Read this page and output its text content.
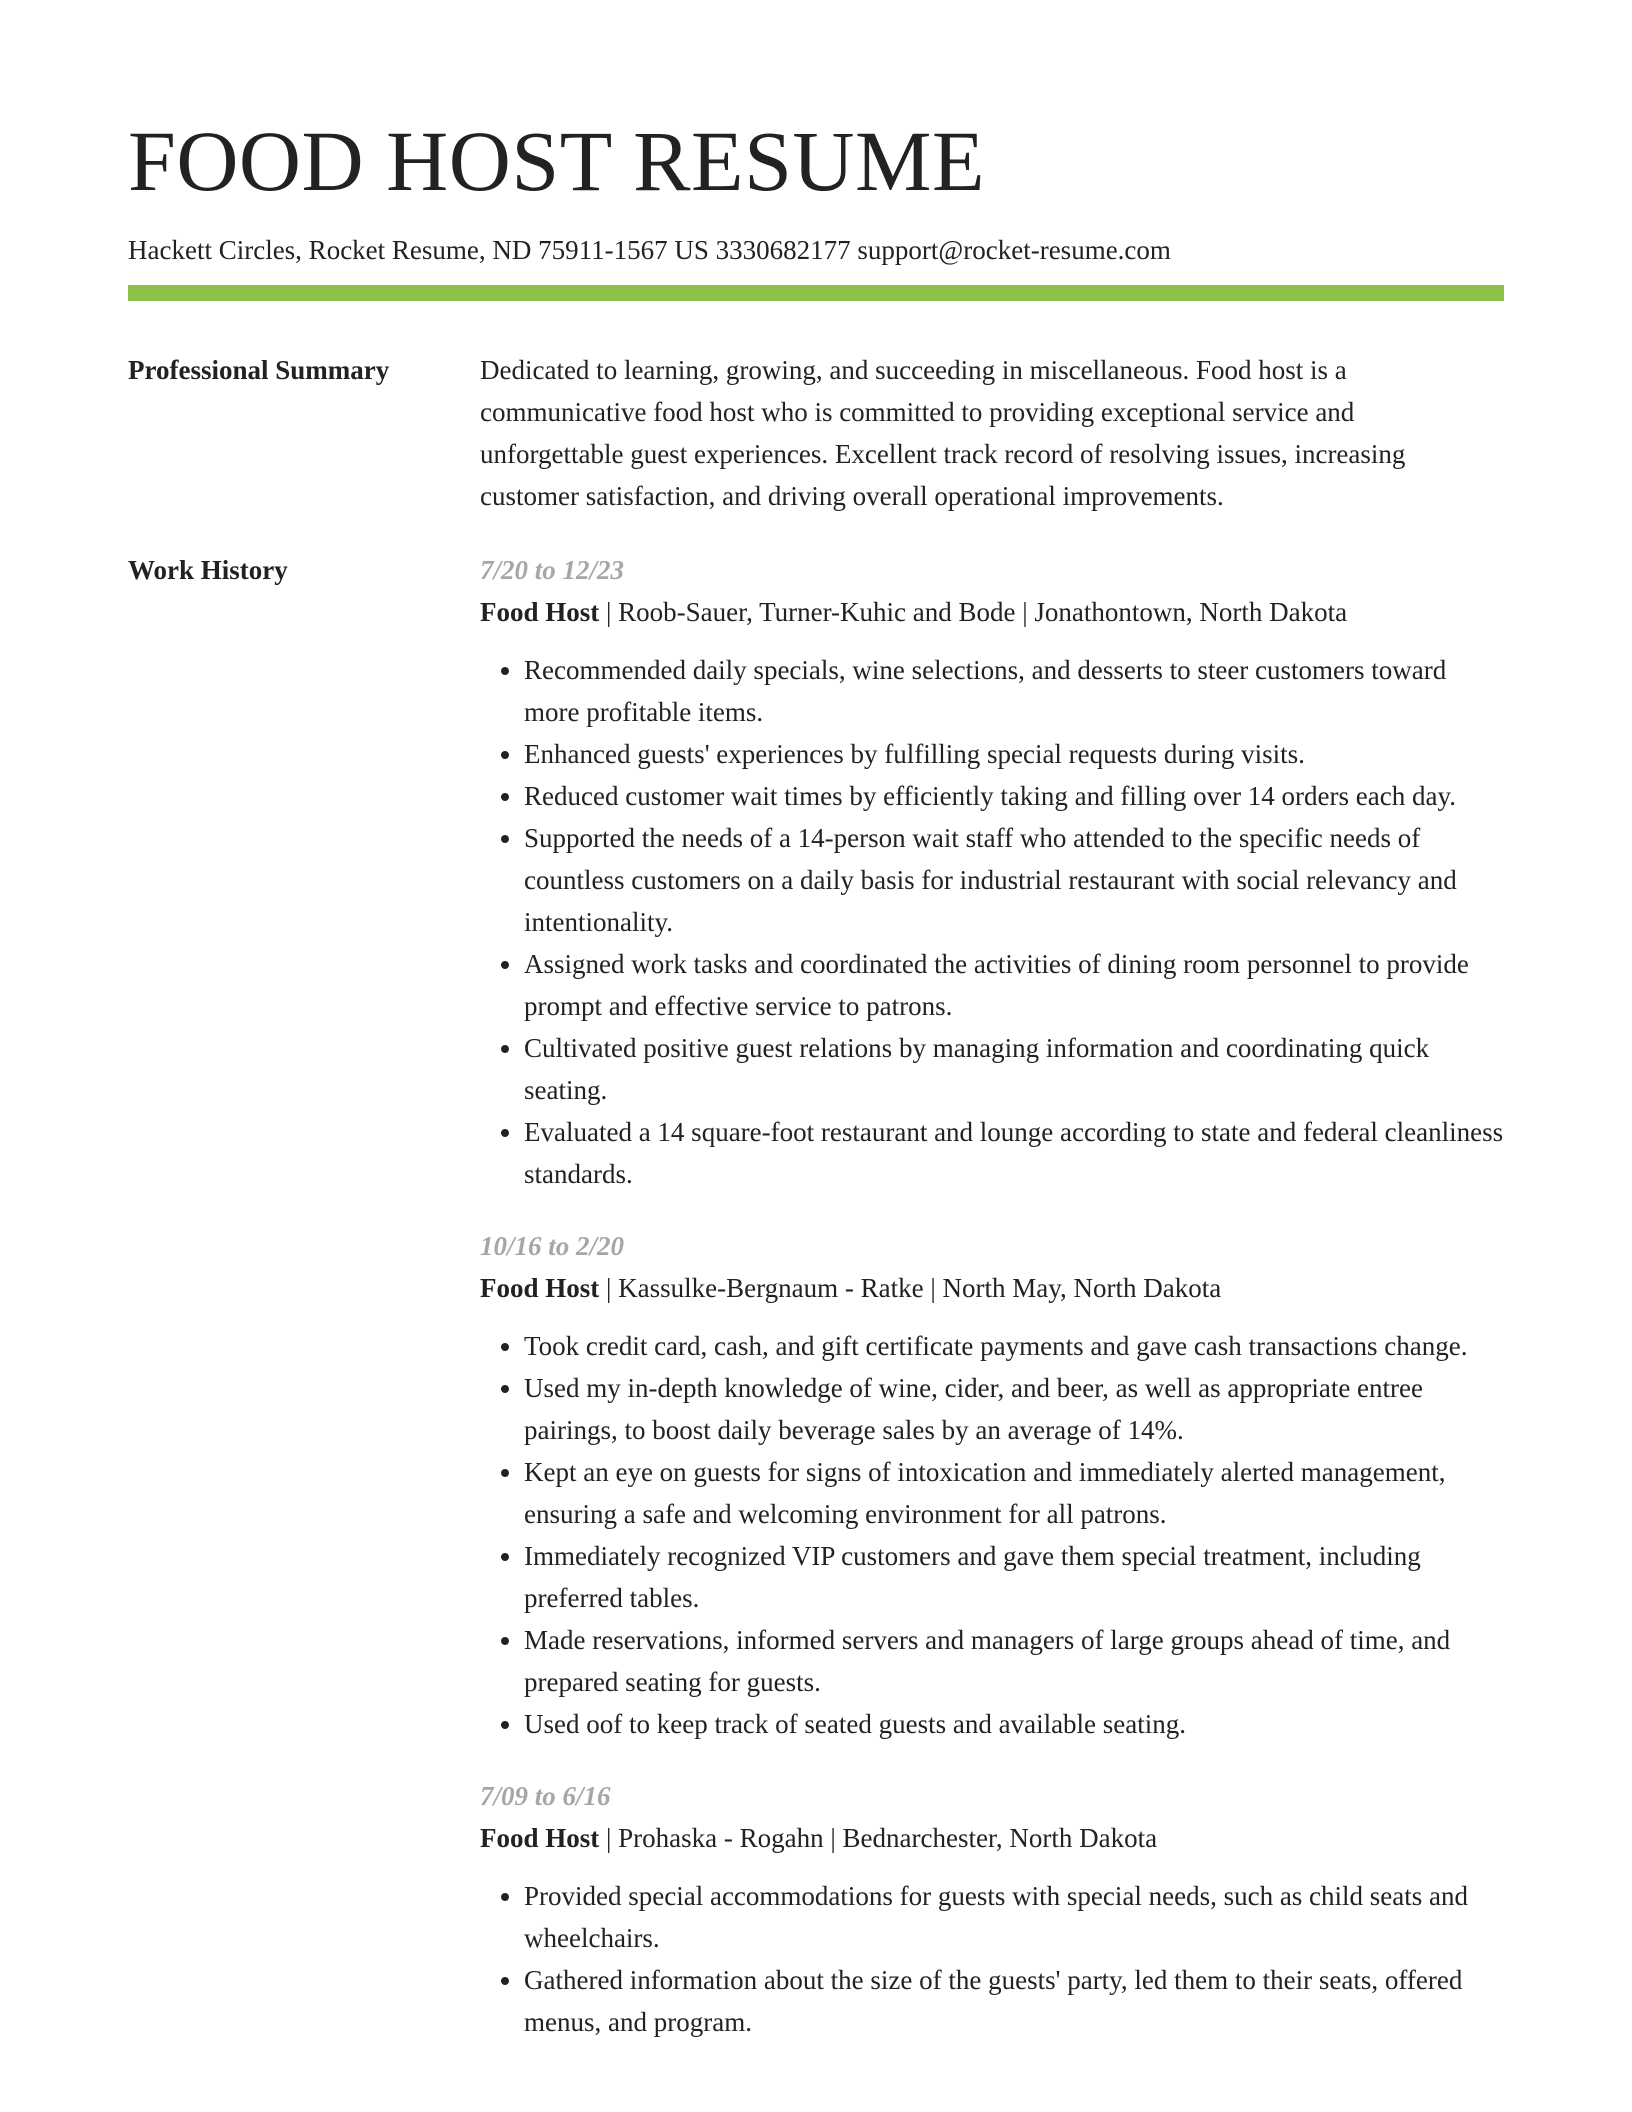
FOOD HOST RESUME
Hackett Circles, Rocket Resume, ND 75911-1567 US 3330682177 support@rocket-resume.com
Professional Summary	Dedicated to learning, growing, and succeeding in miscellaneous. Food host is a communicative food host who is committed to providing exceptional service and unforgettable guest experiences. Excellent track record of resolving issues, increasing customer satisfaction, and driving overall operational improvements.

Work History	7/20 to 12/23
Food Host | Roob-Sauer, Turner-Kuhic and Bode | Jonathontown, North Dakota
• Recommended daily specials, wine selections, and desserts to steer customers toward more profitable items.
• Enhanced guests' experiences by fulfilling special requests during visits.
• Reduced customer wait times by efficiently taking and filling over 14 orders each day.
• Supported the needs of a 14-person wait staff who attended to the specific needs of countless customers on a daily basis for industrial restaurant with social relevancy and intentionality.
• Assigned work tasks and coordinated the activities of dining room personnel to provide prompt and effective service to patrons.
• Cultivated positive guest relations by managing information and coordinating quick seating.
• Evaluated a 14 square-foot restaurant and lounge according to state and federal cleanliness standards.
10/16 to 2/20
Food Host | Kassulke-Bergnaum - Ratke | North May, North Dakota
• Took credit card, cash, and gift certificate payments and gave cash transactions change.
• Used my in-depth knowledge of wine, cider, and beer, as well as appropriate entree pairings, to boost daily beverage sales by an average of 14%.
• Kept an eye on guests for signs of intoxication and immediately alerted management, ensuring a safe and welcoming environment for all patrons.
• Immediately recognized VIP customers and gave them special treatment, including preferred tables.
• Made reservations, informed servers and managers of large groups ahead of time, and prepared seating for guests.
• Used oof to keep track of seated guests and available seating.
7/09 to 6/16
Food Host | Prohaska - Rogahn | Bednarchester, North Dakota
• Provided special accommodations for guests with special needs, such as child seats and wheelchairs.
• Gathered information about the size of the guests' party, led them to their seats, offered menus, and program.
